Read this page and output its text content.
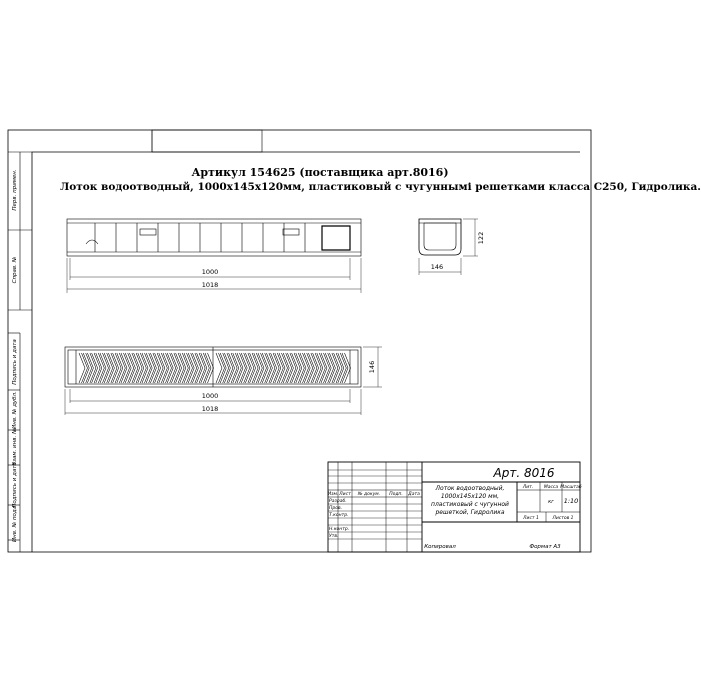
Перв. примен.
Справ. №
Подпись и дата
Инв. № дубл.
Взам. инв. №
Подпись и дата
Инв. № подл.
1000
1018
122
146
1000
1018
146
Арт. 8016
Лоток водоотводный,
1000х145х120 мм,
пластиковый с чугунной
решеткой, Гидролика
Изм. Лист № докум. Подп. Дата
Разраб.
Пров.
Т.контр.
Н.контр.
Утв.
Лит. Масса Масштаб
кг 1:10
Лист 1	Листов 1
Копировал	Формат А3
Артикул 154625 (поставщика арт.8016)
Лоток водоотводный, 1000х145х120мм, пластиковый с чугуннымі решетками класса С250, Гидролика.
